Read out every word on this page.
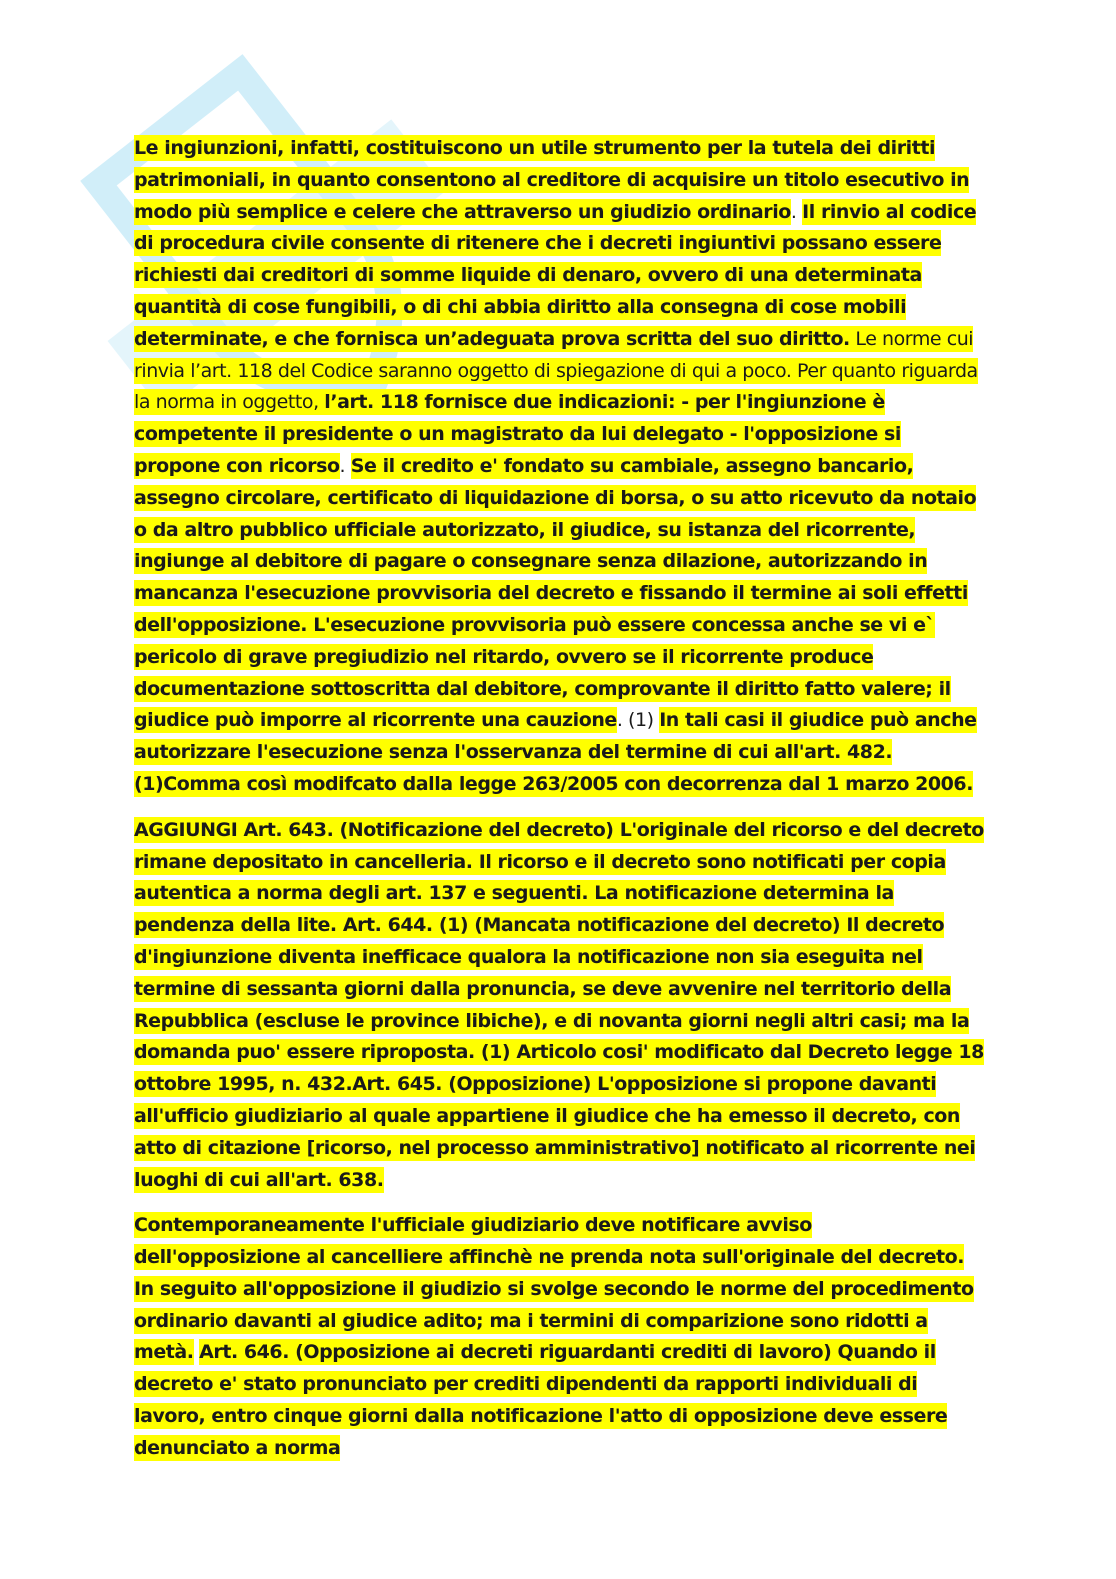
Le ingiunzioni, infatti, costituiscono un utile strumento per la tutela dei diritti patrimoniali, in quanto consentono al creditore di acquisire un titolo esecutivo in modo più semplice e celere che attraverso un giudizio ordinario. Il rinvio al codice di procedura civile consente di ritenere che i decreti ingiuntivi possano essere richiesti dai creditori di somme liquide di denaro, ovvero di una determinata quantità di cose fungibili, o di chi abbia diritto alla consegna di cose mobili determinate, e che fornisca un’adeguata prova scritta del suo diritto. Le norme cui rinvia l’art. 118 del Codice saranno oggetto di spiegazione di qui a poco. Per quanto riguarda la norma in oggetto, l’art. 118 fornisce due indicazioni: - per l'ingiunzione è competente il presidente o un magistrato da lui delegato - l'opposizione si propone con ricorso. Se il credito e' fondato su cambiale, assegno bancario, assegno circolare, certificato di liquidazione di borsa, o su atto ricevuto da notaio o da altro pubblico ufficiale autorizzato, il giudice, su istanza del ricorrente, ingiunge al debitore di pagare o consegnare senza dilazione, autorizzando in mancanza l'esecuzione provvisoria del decreto e fissando il termine ai soli effetti dell'opposizione. L'esecuzione provvisoria può essere concessa anche se vi e` pericolo di grave pregiudizio nel ritardo, ovvero se il ricorrente produce documentazione sottoscritta dal debitore, comprovante il diritto fatto valere; il giudice può imporre al ricorrente una cauzione. (1) In tali casi il giudice può anche autorizzare l'esecuzione senza l'osservanza del termine di cui all'art. 482. (1)Comma così modifcato dalla legge 263/2005 con decorrenza dal 1 marzo 2006.

AGGIUNGI Art. 643. (Notificazione del decreto) L'originale del ricorso e del decreto rimane depositato in cancelleria. Il ricorso e il decreto sono notificati per copia autentica a norma degli art. 137 e seguenti. La notificazione determina la pendenza della lite. Art. 644. (1) (Mancata notificazione del decreto) Il decreto d'ingiunzione diventa inefficace qualora la notificazione non sia eseguita nel termine di sessanta giorni dalla pronuncia, se deve avvenire nel territorio della Repubblica (escluse le province libiche), e di novanta giorni negli altri casi; ma la domanda puo' essere riproposta. (1) Articolo cosi' modificato dal Decreto legge 18 ottobre 1995, n. 432.Art. 645. (Opposizione) L'opposizione si propone davanti all'ufficio giudiziario al quale appartiene il giudice che ha emesso il decreto, con atto di citazione [ricorso, nel processo amministrativo] notificato al ricorrente nei luoghi di cui all'art. 638.

Contemporaneamente l'ufficiale giudiziario deve notificare avviso dell'opposizione al cancelliere affinchè ne prenda nota sull'originale del decreto. In seguito all'opposizione il giudizio si svolge secondo le norme del procedimento ordinario davanti al giudice adito; ma i termini di comparizione sono ridotti a metà. Art. 646. (Opposizione ai decreti riguardanti crediti di lavoro) Quando il decreto e' stato pronunciato per crediti dipendenti da rapporti individuali di lavoro, entro cinque giorni dalla notificazione l'atto di opposizione deve essere denunciato a norma
